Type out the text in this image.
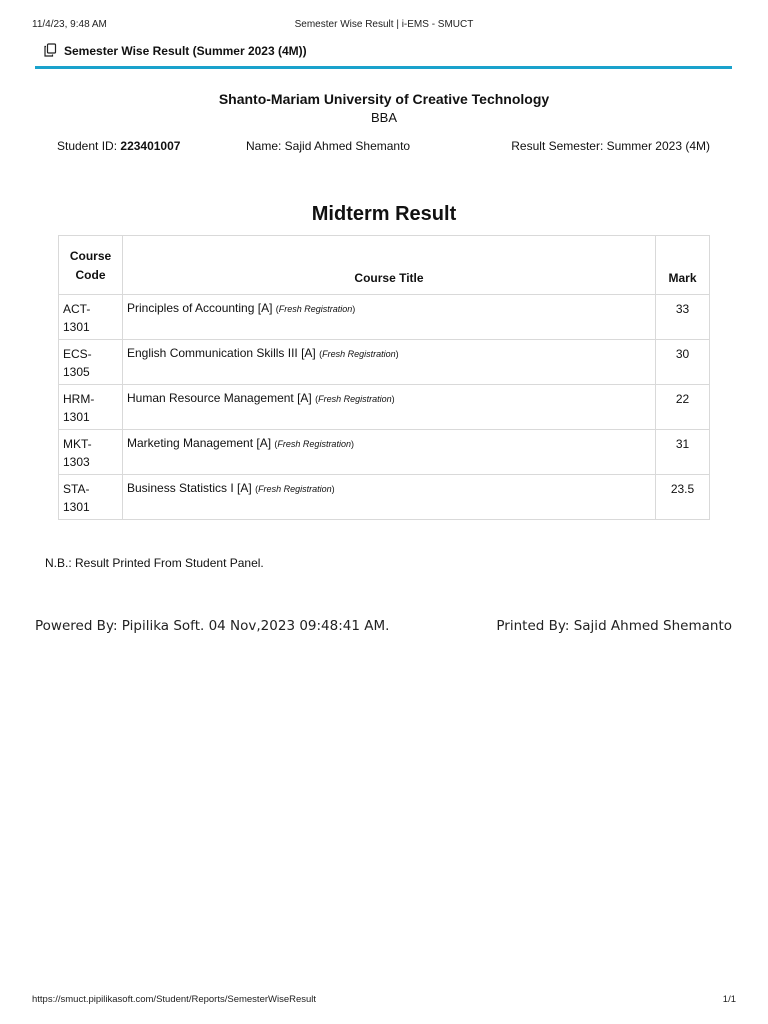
11/4/23, 9:48 AM	Semester Wise Result | i-EMS - SMUCT
Semester Wise Result (Summer 2023 (4M))
Shanto-Mariam University of Creative Technology
BBA
Student ID: 223401007	Name: Sajid Ahmed Shemanto	Result Semester: Summer 2023 (4M)
Midterm Result
Course
Code	Course Title	Mark
ACT-
1301	Principles of Accounting [A] (Fresh Registration)	33
ECS-
1305	English Communication Skills III [A] (Fresh Registration)	30
HRM-
1301	Human Resource Management [A] (Fresh Registration)	22
MKT-
1303	Marketing Management [A] (Fresh Registration)	31
STA-
1301	Business Statistics I [A] (Fresh Registration)	23.5
N.B.: Result Printed From Student Panel.
Powered By: Pipilika Soft. 04 Nov,2023 09:48:41 AM.	Printed By: Sajid Ahmed Shemanto
https://smuct.pipilikasoft.com/Student/Reports/SemesterWiseResult	1/1
